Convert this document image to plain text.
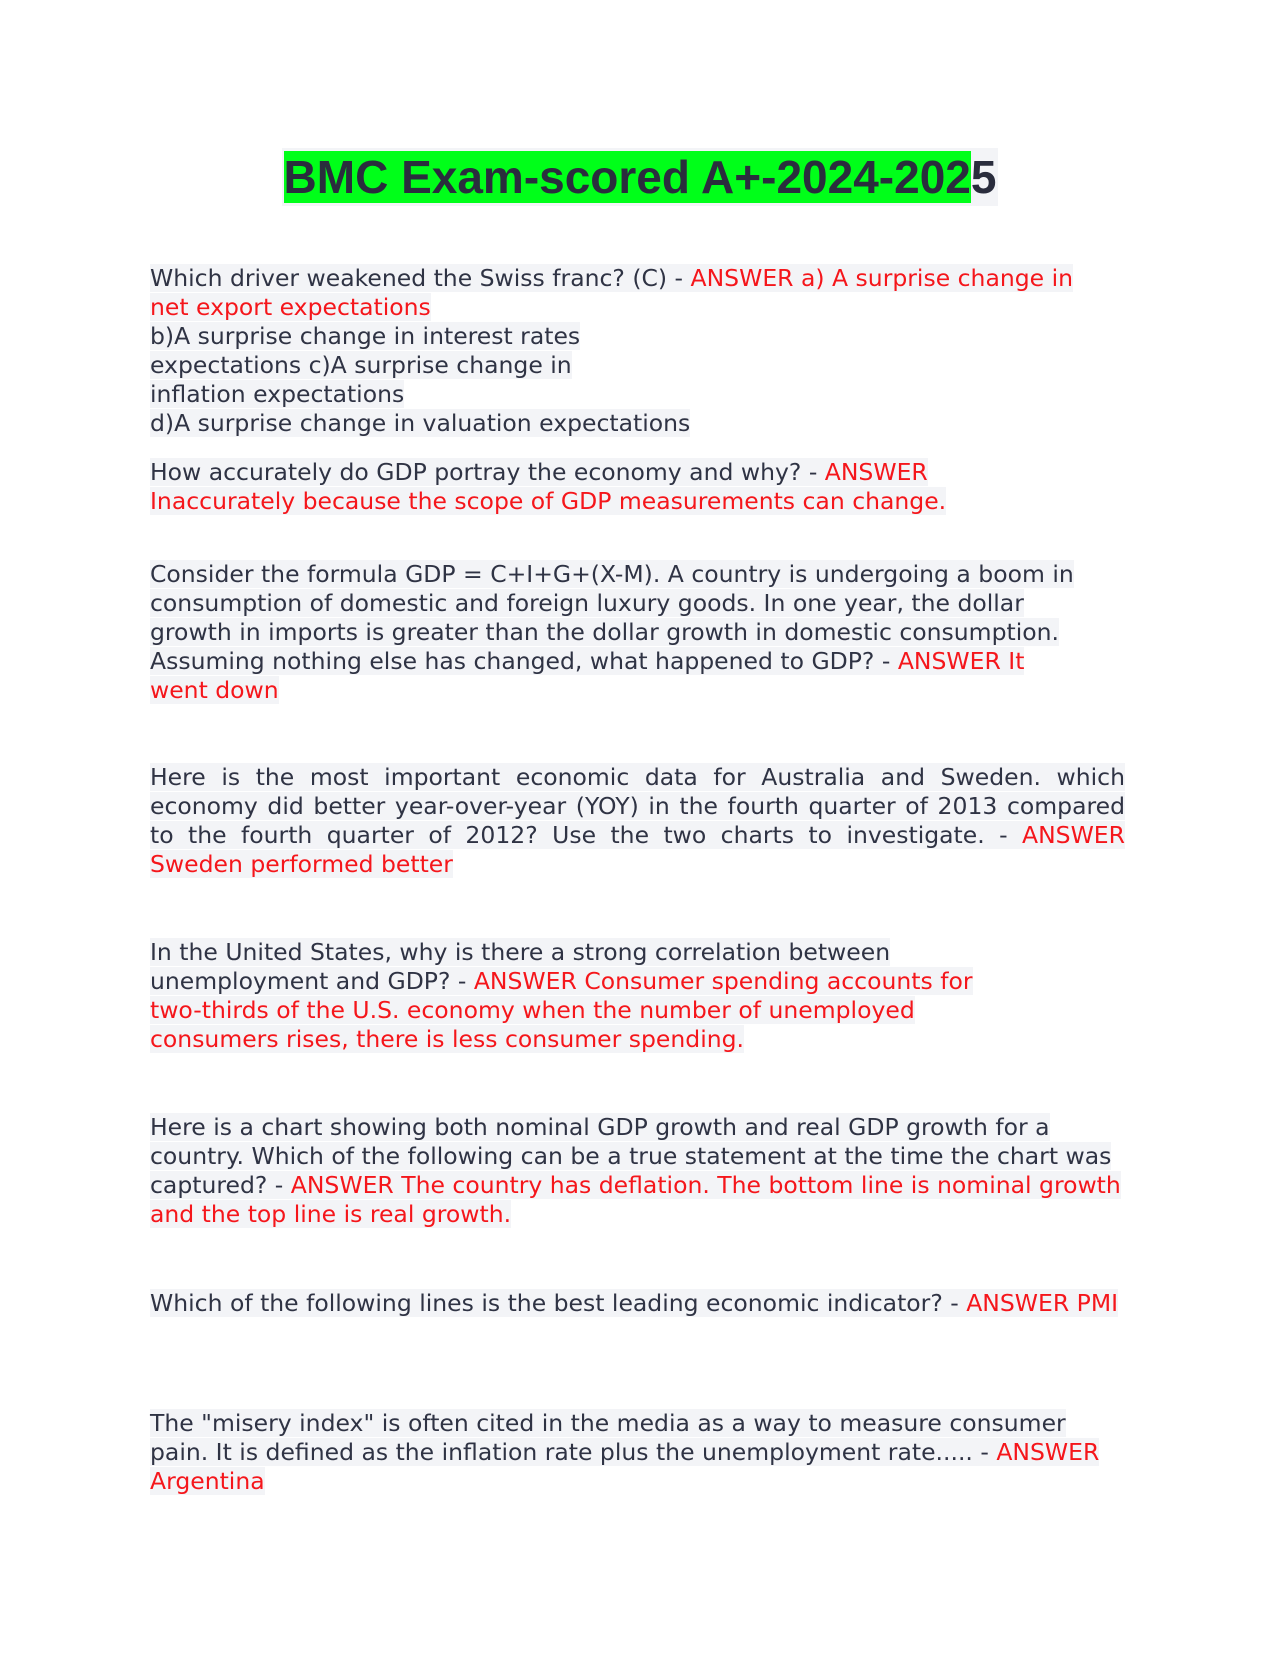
BMC Exam-scored A+-2024-2025
Which driver weakened the Swiss franc? (C) - ANSWER a) A surprise change in
net export expectations
b)A surprise change in interest rates
expectations c)A surprise change in
inflation expectations
d)A surprise change in valuation expectations
How accurately do GDP portray the economy and why? - ANSWER Inaccurately because the scope of GDP measurements can change.
Consider the formula GDP = C+I+G+(X-M). A country is undergoing a boom in consumption of domestic and foreign luxury goods. In one year, the dollar growth in imports is greater than the dollar growth in domestic consumption. Assuming nothing else has changed, what happened to GDP? - ANSWER It went down
Here is the most important economic data for Australia and Sweden. which economy did better year-over-year (YOY) in the fourth quarter of 2013 compared to the fourth quarter of 2012? Use the two charts to investigate. - ANSWER Sweden performed better
In the United States, why is there a strong correlation between unemployment and GDP? - ANSWER Consumer spending accounts for two-thirds of the U.S. economy when the number of unemployed consumers rises, there is less consumer spending.
Here is a chart showing both nominal GDP growth and real GDP growth for a country. Which of the following can be a true statement at the time the chart was captured? - ANSWER The country has deflation. The bottom line is nominal growth and the top line is real growth.
Which of the following lines is the best leading economic indicator? - ANSWER PMI
The "misery index" is often cited in the media as a way to measure consumer pain. It is defined as the inflation rate plus the unemployment rate..... - ANSWER Argentina
